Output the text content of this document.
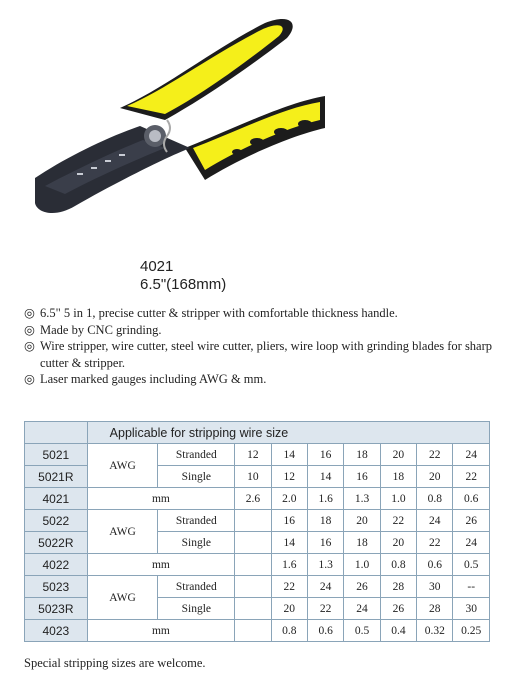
4021
6.5"(168mm)
◎ 6.5" 5 in 1, precise cutter & stripper with comfortable thickness handle.
◎ Made by CNC grinding.
◎ Wire stripper, wire cutter, steel wire cutter, pliers, wire loop with grinding blades for sharp cutter & stripper.
◎ Laser marked gauges including AWG & mm.
	Applicable for stripping wire size								
5021	AWG	Stranded	12	14	16	18	20	22	24
5021R		Single	10	12	14	16	18	20	22
4021	mm		2.6	2.0	1.6	1.3	1.0	0.8	0.6
5022	AWG	Stranded		16	18	20	22	24	26
5022R		Single		14	16	18	20	22	24
4022	mm			1.6	1.3	1.0	0.8	0.6	0.5
5023	AWG	Stranded		22	24	26	28	30	--
5023R		Single		20	22	24	26	28	30
4023	mm			0.8	0.6	0.5	0.4	0.32	0.25
Special stripping sizes are welcome.
